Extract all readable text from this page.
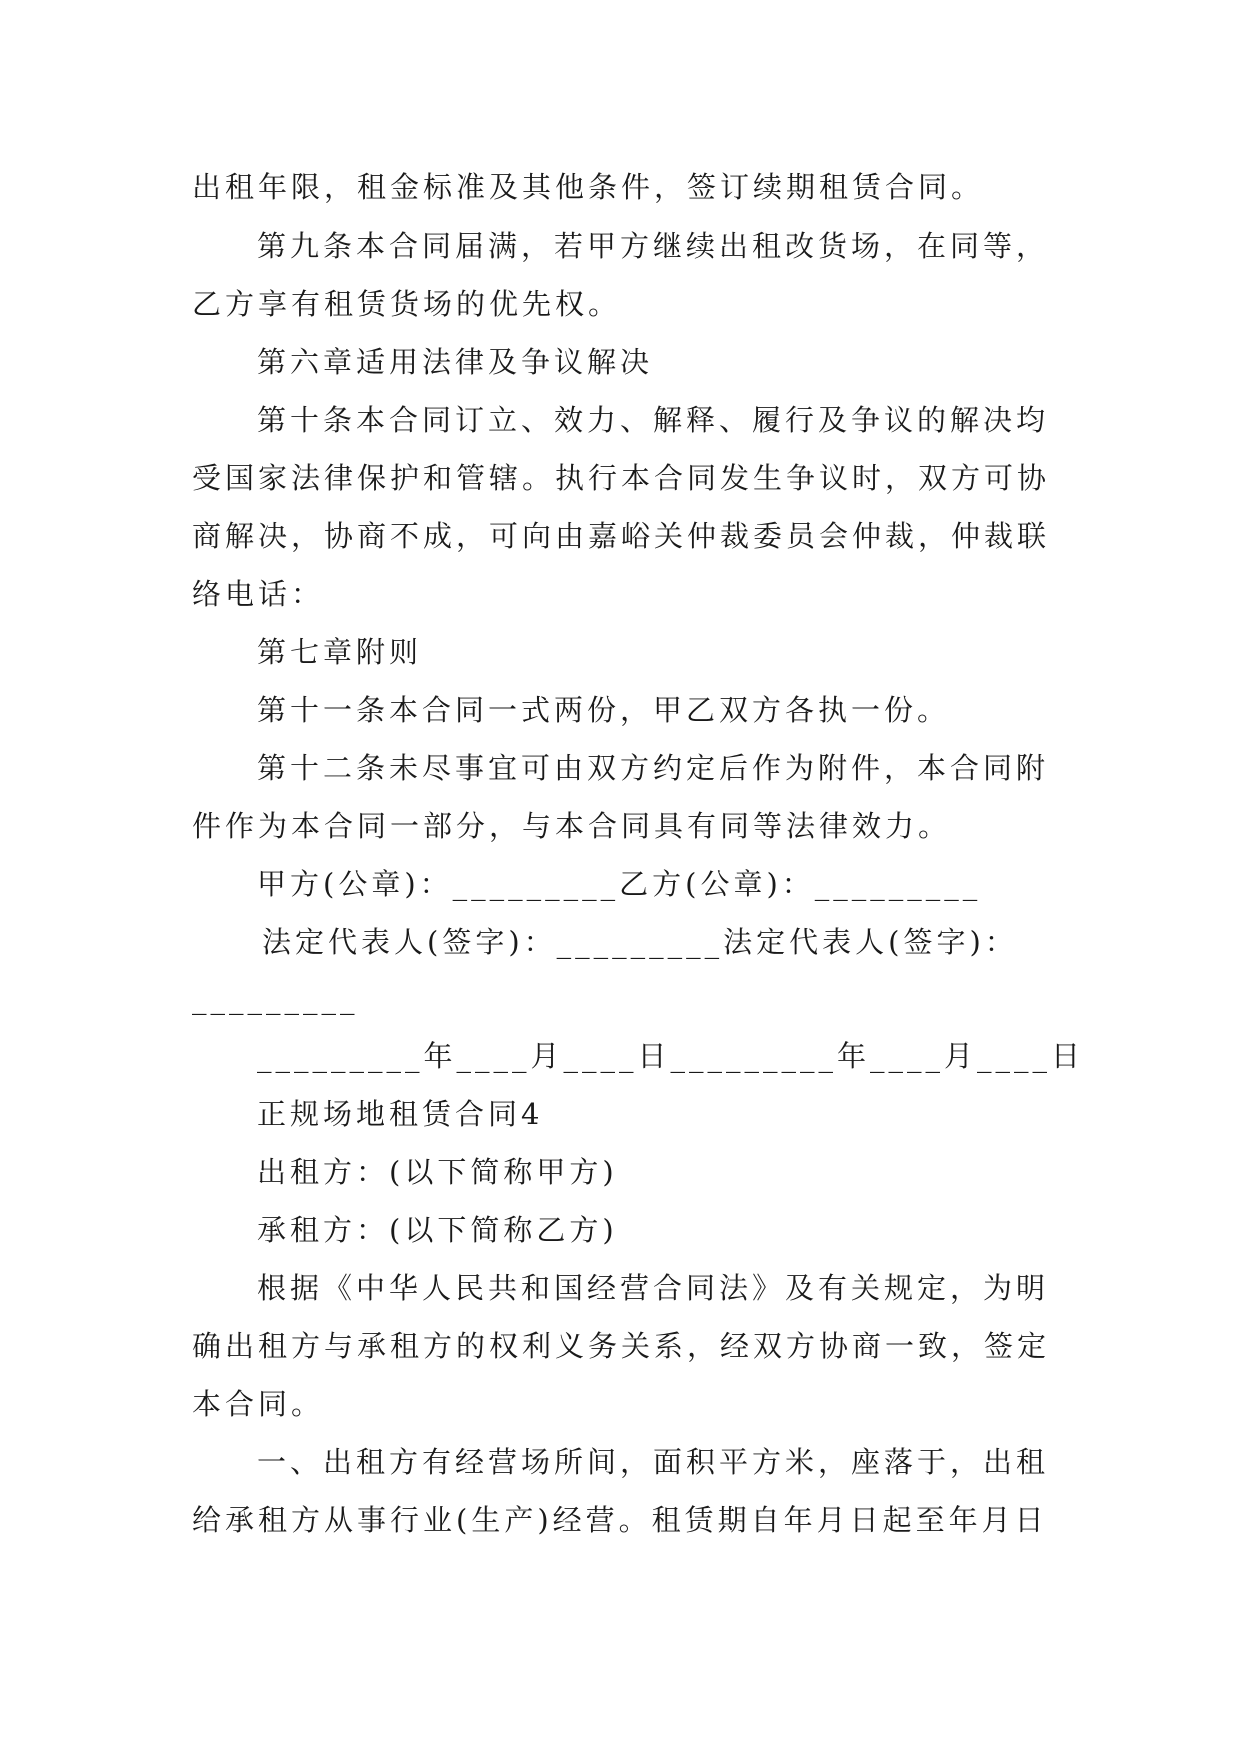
出租年限，租金标准及其他条件，签订续期租赁合同。
第九条本合同届满，若甲方继续出租改货场，在同等，
乙方享有租赁货场的优先权。
第六章适用法律及争议解决
第十条本合同订立、效力、解释、履行及争议的解决均
受国家法律保护和管辖。执行本合同发生争议时，双方可协
商解决，协商不成，可向由嘉峪关仲裁委员会仲裁，仲裁联
络电话：
第七章附则
第十一条本合同一式两份，甲乙双方各执一份。
第十二条未尽事宜可由双方约定后作为附件，本合同附
件作为本合同一部分，与本合同具有同等法律效力。
甲方(公章)：_________乙方(公章)：_________
法定代表人(签字)：_________法定代表人(签字)：
_________
_________年____月____日_________年____月____日
正规场地租赁合同4
出租方：(以下简称甲方)
承租方：(以下简称乙方)
根据《中华人民共和国经营合同法》及有关规定，为明
确出租方与承租方的权利义务关系，经双方协商一致，签定
本合同。
一、出租方有经营场所间，面积平方米，座落于，出租
给承租方从事行业(生产)经营。租赁期自年月日起至年月日
